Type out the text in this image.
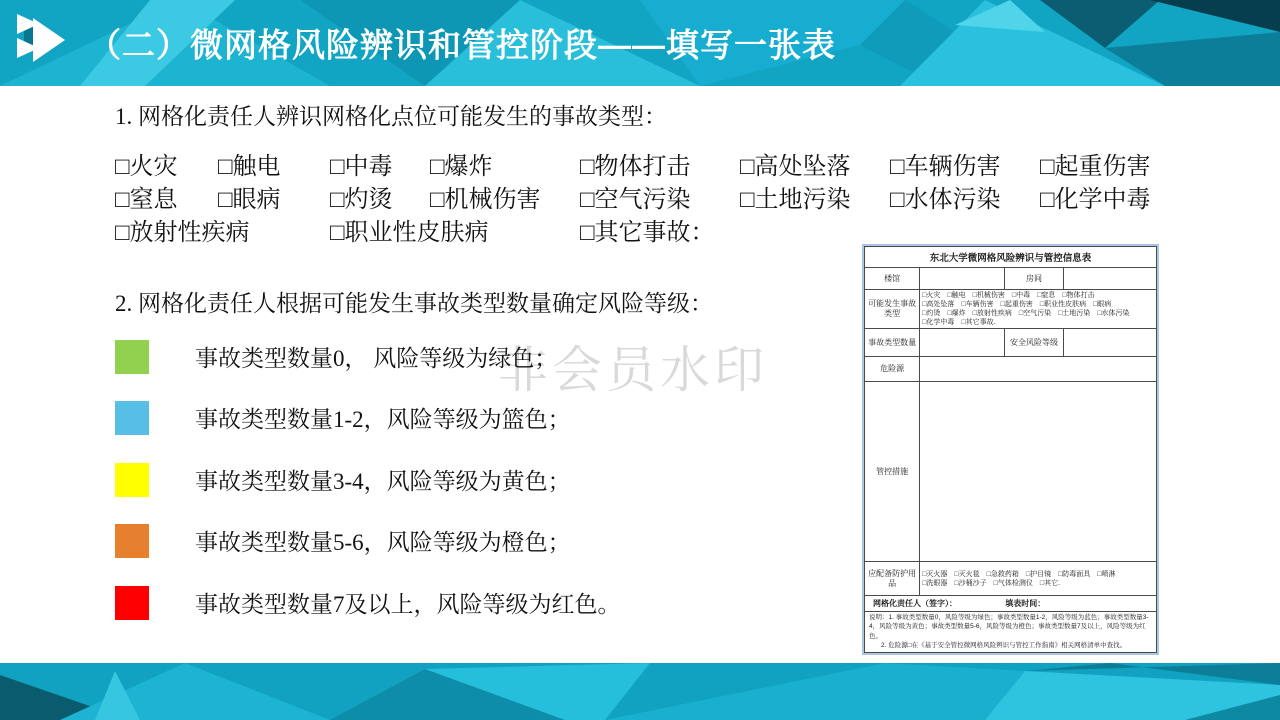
（二）微网格风险辨识和管控阶段——填写一张表
非会员水印

1. 网格化责任人辨识网格化点位可能发生的事故类型：

□火灾 □触电 □中毒 □爆炸	□物体打击 □高处坠落 □车辆伤害 □起重伤害
□窒息 □眼病 □灼烫 □机械伤害 □空气污染 □土地污染 □水体污染 □化学中毒
□放射性疾病	□职业性皮肤病	□其它事故：

2. 网格化责任人根据可能发生事故类型数量确定风险等级：

事故类型数量0， 风险等级为绿色；
事故类型数量1-2，风险等级为篮色；
事故类型数量3-4，风险等级为黄色；
事故类型数量5-6，风险等级为橙色；
事故类型数量7及以上，风险等级为红色。
东北大学微网格风险辨识与管控信息表			
楼馆		房间	
可能发生事故类型	□火灾　□触电　□机械伤害　□中毒　□窒息　□物体打击
□高处坠落　□车辆伤害　□起重伤害　□职业性皮肤病　□眼病
□灼烫　□爆炸　□放射性疾病　□空气污染　□土地污染　□水体污染
□化学中毒　□其它事故.		

事故类型数量		安全风险等级	
危险源			
管控措施			
应配备防护用品	□灭火器　□灭火毯　□急救药箱　□护目镜　□防毒面具　□喷淋
□洗眼器　□沙桶沙子　□气体检测仪　□其它.		

网格化责任人（签字）： 填表时间：			

说明：1. 事故类型数量0，风险等级为绿色；事故类型数量1-2，风险等级为蓝色；事故类型数量3-4，风险等级为黄色；事故类型数量5-6，风险等级为橙色；事故类型数量7及以上，风险等级为红色。
2. 危险源□在《基于安全管控微网格风险辨识与管控工作指南》相关网格清单中查找。			
